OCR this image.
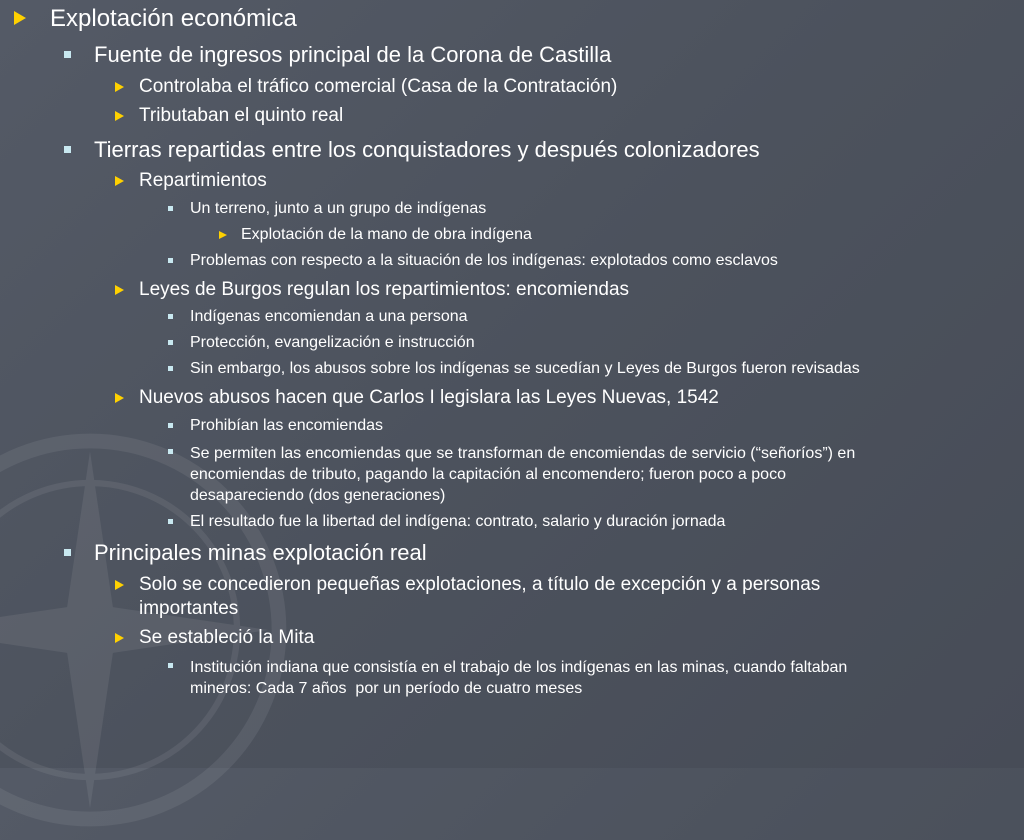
Explotación económica
Fuente de ingresos principal de la Corona de Castilla
Controlaba el tráfico comercial (Casa de la Contratación)
Tributaban el quinto real
Tierras repartidas entre los conquistadores y después colonizadores
Repartimientos
Un terreno, junto a un grupo de indígenas
Explotación de la mano de obra indígena
Problemas con respecto a la situación de los indígenas: explotados como esclavos
Leyes de Burgos regulan los repartimientos: encomiendas
Indígenas encomiendan a una persona
Protección, evangelización e instrucción
Sin embargo, los abusos sobre los indígenas se sucedían y Leyes de Burgos fueron revisadas
Nuevos abusos hacen que Carlos I legislara las Leyes Nuevas, 1542
Prohibían las encomiendas
Se permiten las encomiendas que se transforman de encomiendas de servicio (“señoríos”) en
encomiendas de tributo, pagando la capitación al encomendero; fueron poco a poco
desapareciendo (dos generaciones)
El resultado fue la libertad del indígena: contrato, salario y duración jornada
Principales minas explotación real
Solo se concedieron pequeñas explotaciones, a título de excepción y a personas
importantes
Se estableció la Mita
Institución indiana que consistía en el trabajo de los indígenas en las minas, cuando faltaban
mineros: Cada 7 años  por un período de cuatro meses
